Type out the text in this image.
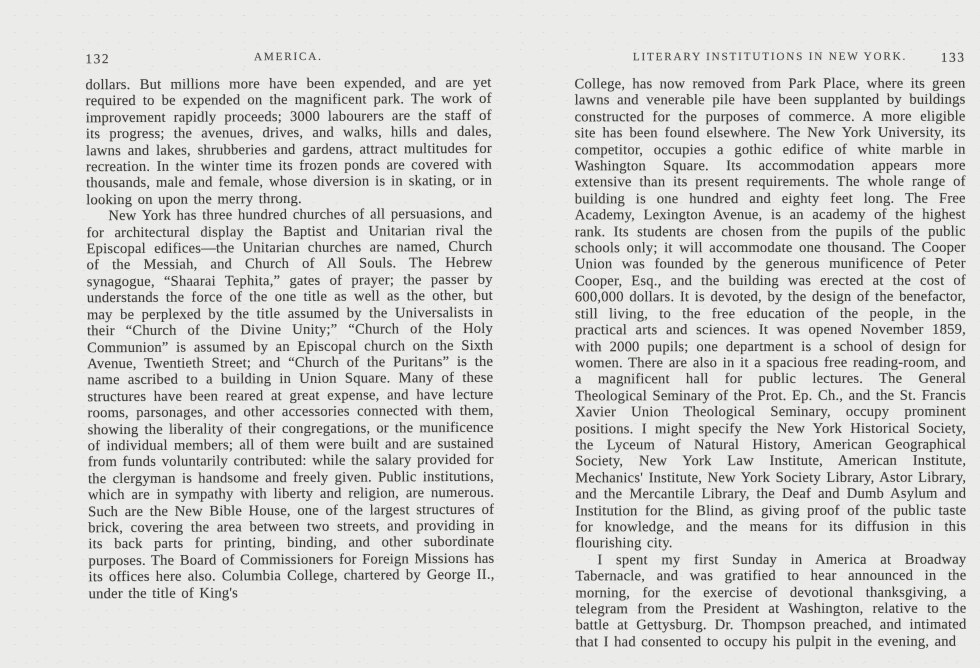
132	AMERICA.

dollars. But millions more have been expended, and are yet required to be expended on the magnificent park. The work of improvement rapidly proceeds; 3000 labourers are the staff of its progress; the avenues, drives, and walks, hills and dales, lawns and lakes, shrubberies and gardens, attract multitudes for recreation. In the winter time its frozen ponds are covered with thousands, male and female, whose diversion is in skating, or in looking on upon the merry throng.

New York has three hundred churches of all persuasions, and for architectural display the Baptist and Unitarian rival the Episcopal edifices—the Unitarian churches are named, Church of the Messiah, and Church of All Souls. The Hebrew synagogue, “Shaarai Tephita,” gates of prayer; the passer by understands the force of the one title as well as the other, but may be perplexed by the title assumed by the Universalists in their “Church of the Divine Unity;” “Church of the Holy Communion” is assumed by an Episcopal church on the Sixth Avenue, Twentieth Street; and “Church of the Puritans” is the name ascribed to a building in Union Square. Many of these structures have been reared at great expense, and have lecture rooms, parsonages, and other accessories connected with them, showing the liberality of their congregations, or the munificence of individual members; all of them were built and are sustained from funds voluntarily contributed: while the salary provided for the clergyman is handsome and freely given. Public institutions, which are in sympathy with liberty and religion, are numerous. Such are the New Bible House, one of the largest structures of brick, covering the area between two streets, and providing in its back parts for printing, binding, and other subordinate purposes. The Board of Commissioners for Foreign Missions has its offices here also. Columbia College, chartered by George II., under the title of King's

LITERARY INSTITUTIONS IN NEW YORK.	133

College, has now removed from Park Place, where its green lawns and venerable pile have been supplanted by buildings constructed for the purposes of commerce. A more eligible site has been found elsewhere. The New York University, its competitor, occupies a gothic edifice of white marble in Washington Square. Its accommodation appears more extensive than its present requirements. The whole range of building is one hundred and eighty feet long. The Free Academy, Lexington Avenue, is an academy of the highest rank. Its students are chosen from the pupils of the public schools only; it will accommodate one thousand. The Cooper Union was founded by the generous munificence of Peter Cooper, Esq., and the building was erected at the cost of 600,000 dollars. It is devoted, by the design of the benefactor, still living, to the free education of the people, in the practical arts and sciences. It was opened November 1859, with 2000 pupils; one department is a school of design for women. There are also in it a spacious free reading-room, and a magnificent hall for public lectures. The General Theological Seminary of the Prot. Ep. Ch., and the St. Francis Xavier Union Theological Seminary, occupy prominent positions. I might specify the New York Historical Society, the Lyceum of Natural History, American Geographical Society, New York Law Institute, American Institute, Mechanics' Institute, New York Society Library, Astor Library, and the Mercantile Library, the Deaf and Dumb Asylum and Institution for the Blind, as giving proof of the public taste for knowledge, and the means for its diffusion in this flourishing city.

I spent my first Sunday in America at Broadway Tabernacle, and was gratified to hear announced in the morning, for the exercise of devotional thanksgiving, a telegram from the President at Washington, relative to the battle at Gettysburg. Dr. Thompson preached, and intimated that I had consented to occupy his pulpit in the evening, and
